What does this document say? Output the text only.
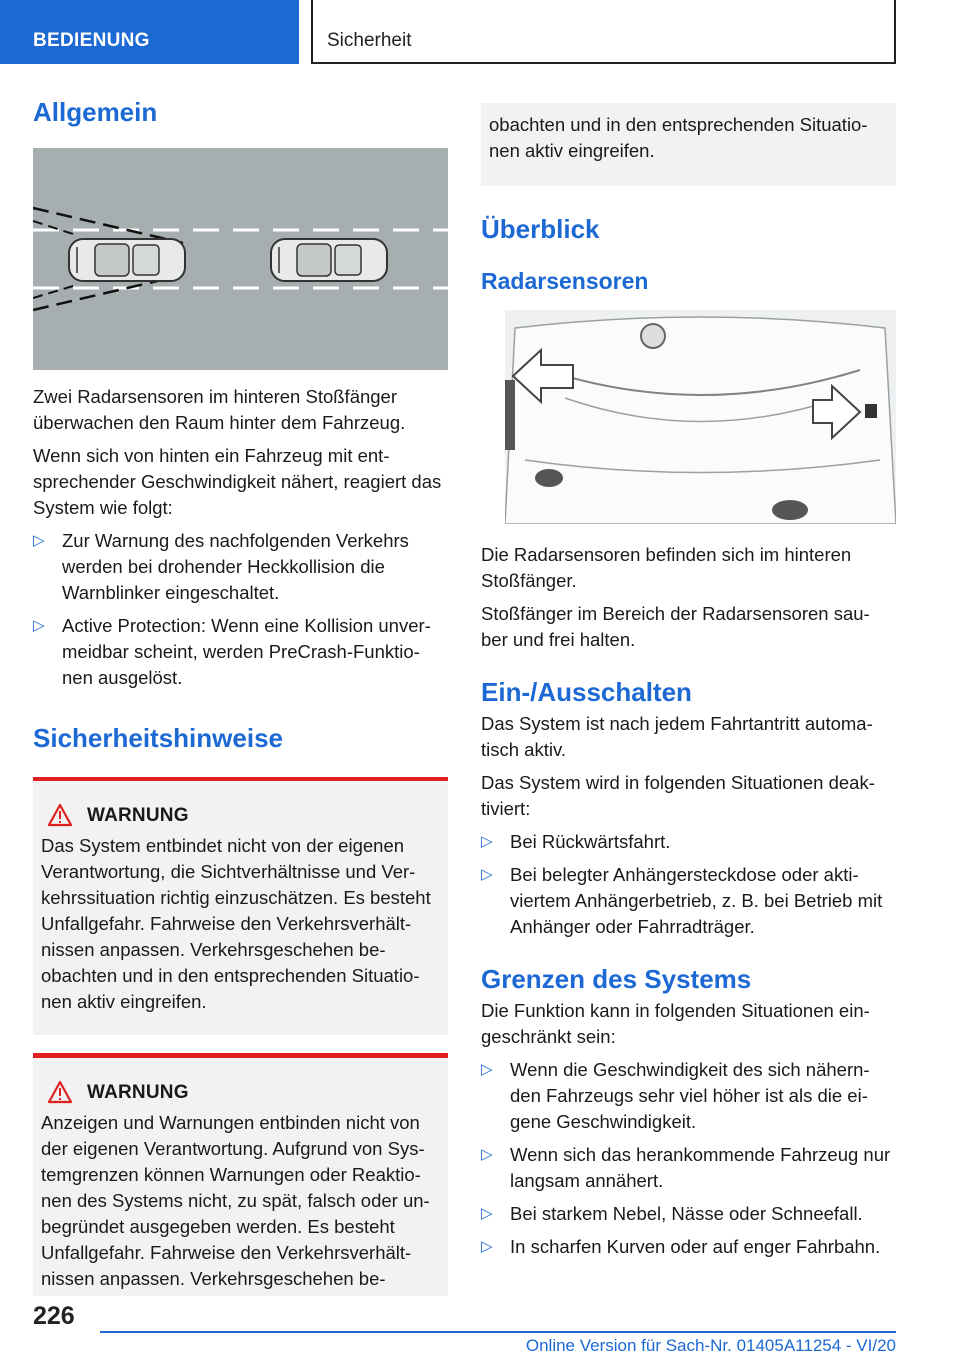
BEDIENUNG	Sicherheit
Allgemein

Zwei Radarsensoren im hinteren Stoßfänger überwachen den Raum hinter dem Fahrzeug.

Wenn sich von hinten ein Fahrzeug mit ent-sprechender Geschwindigkeit nähert, reagiert das System wie folgt:

▷ Zur Warnung des nachfolgenden Verkehrs werden bei drohender Heckkollision die Warnblinker eingeschaltet.
▷ Active Protection: Wenn eine Kollision unver-meidbar scheint, werden PreCrash-Funktio-nen ausgelöst.
Sicherheitshinweise
WARNUNG

Das System entbindet nicht von der eigenen Verantwortung, die Sichtverhältnisse und Ver-kehrssituation richtig einzuschätzen. Es besteht Unfallgefahr. Fahrweise den Verkehrsverhält-nissen anpassen. Verkehrsgeschehen be-obachten und in den entsprechenden Situatio-nen aktiv eingreifen.

WARNUNG

Anzeigen und Warnungen entbinden nicht von der eigenen Verantwortung. Aufgrund von Sys-temgrenzen können Warnungen oder Reaktio-nen des Systems nicht, zu spät, falsch oder un-begründet ausgegeben werden. Es besteht Unfallgefahr. Fahrweise den Verkehrsverhält-nissen anpassen. Verkehrsgeschehen be-

obachten und in den entsprechenden Situatio-nen aktiv eingreifen.

Überblick
Radarsensoren

Die Radarsensoren befinden sich im hinteren Stoßfänger.

Stoßfänger im Bereich der Radarsensoren sau-ber und frei halten.

Ein-/Ausschalten

Das System ist nach jedem Fahrtantritt automa-tisch aktiv.

Das System wird in folgenden Situationen deak-tiviert:

▷ Bei Rückwärtsfahrt.
▷ Bei belegter Anhängersteckdose oder akti-viertem Anhängerbetrieb, z. B. bei Betrieb mit Anhänger oder Fahrradträger.
Grenzen des Systems

Die Funktion kann in folgenden Situationen ein-geschränkt sein:

▷ Wenn die Geschwindigkeit des sich nähern-den Fahrzeugs sehr viel höher ist als die ei-gene Geschwindigkeit.
▷ Wenn sich das herankommende Fahrzeug nur langsam annähert.
▷ Bei starkem Nebel, Nässe oder Schneefall.
▷ In scharfen Kurven oder auf enger Fahrbahn.
226
Online Version für Sach-Nr. 01405A11254 - VI/20
